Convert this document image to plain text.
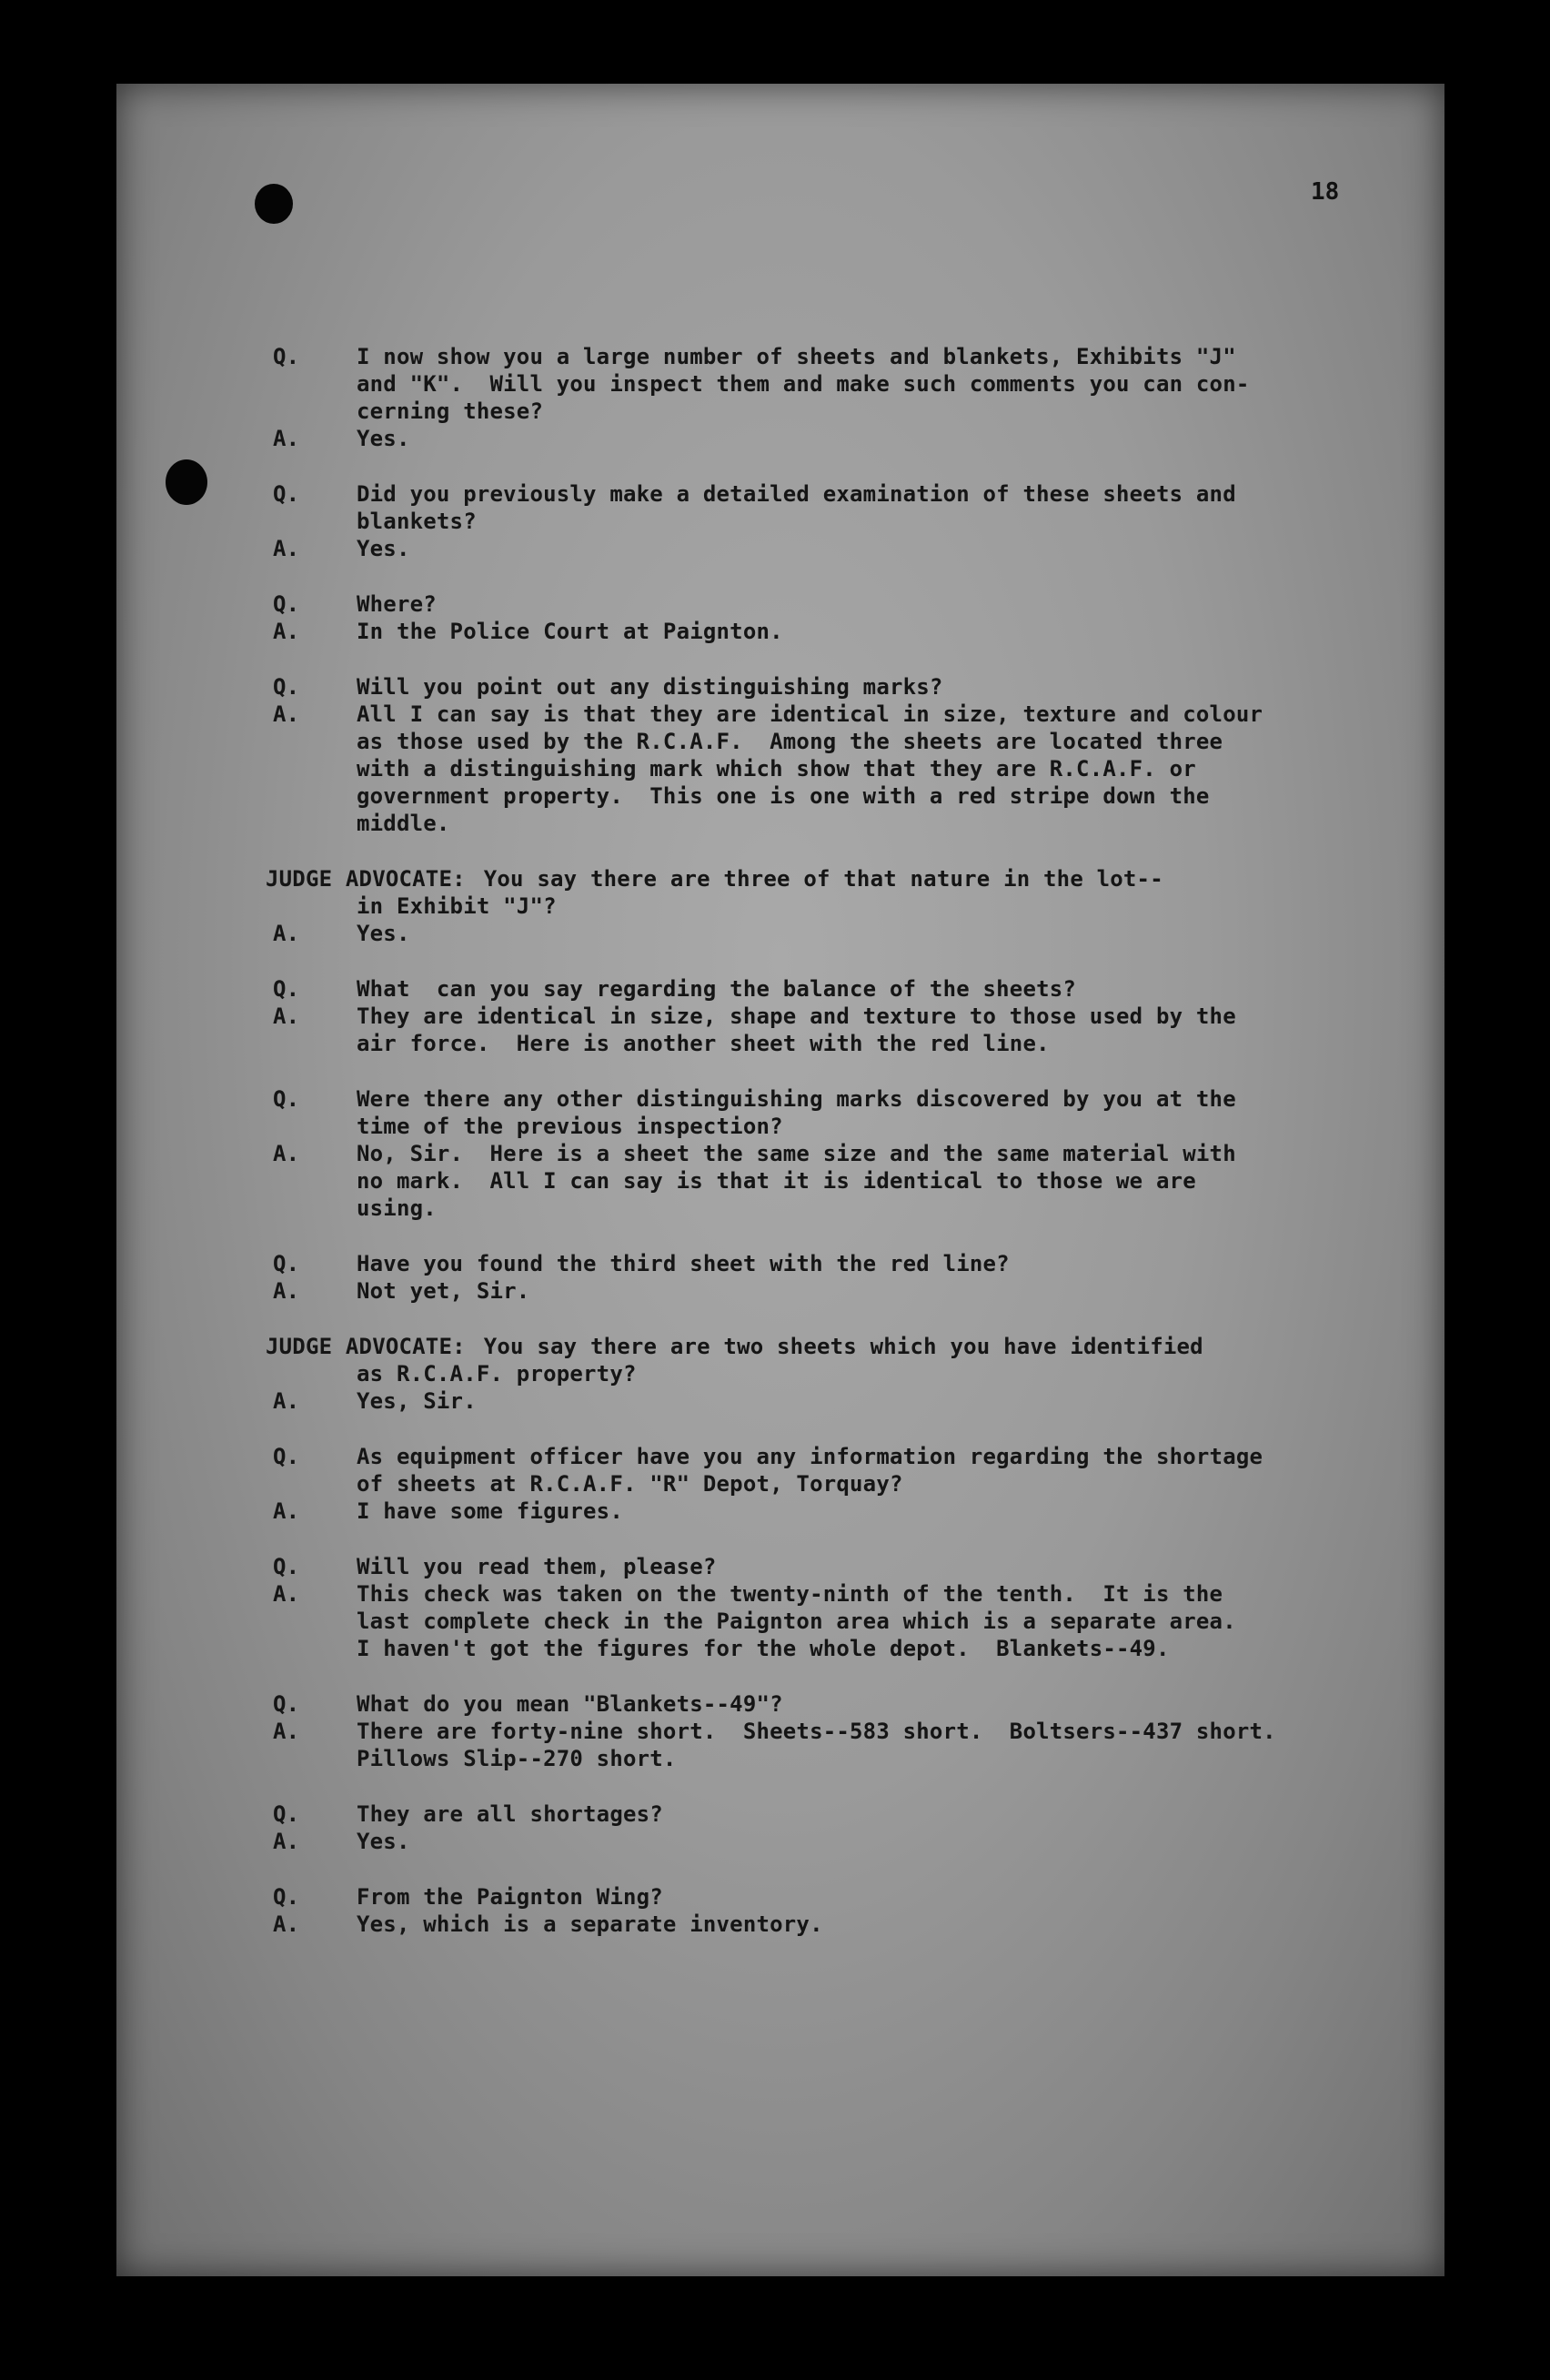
18
Q.	I now show you a large number of sheets and blankets, Exhibits "J"
and "K".  Will you inspect them and make such comments you can con-
cerning these?
A.	Yes.
Q.	Did you previously make a detailed examination of these sheets and
blankets?
A.	Yes.
Q.	Where?
A.	In the Police Court at Paignton.
Q.	Will you point out any distinguishing marks?
A.	All I can say is that they are identical in size, texture and colour
as those used by the R.C.A.F.  Among the sheets are located three
with a distinguishing mark which show that they are R.C.A.F. or
government property.  This one is one with a red stripe down the
middle.
JUDGE ADVOCATE: You say there are three of that nature in the lot--
in Exhibit "J"?
A.	Yes.
Q.	What  can you say regarding the balance of the sheets?
A.	They are identical in size, shape and texture to those used by the
air force.  Here is another sheet with the red line.
Q.	Were there any other distinguishing marks discovered by you at the
time of the previous inspection?
A.	No, Sir.  Here is a sheet the same size and the same material with
no mark.  All I can say is that it is identical to those we are
using.
Q.	Have you found the third sheet with the red line?
A.	Not yet, Sir.
JUDGE ADVOCATE: You say there are two sheets which you have identified
as R.C.A.F. property?
A.	Yes, Sir.
Q.	As equipment officer have you any information regarding the shortage
of sheets at R.C.A.F. "R" Depot, Torquay?
A.	I have some figures.
Q.	Will you read them, please?
A.	This check was taken on the twenty-ninth of the tenth.  It is the
last complete check in the Paignton area which is a separate area.
I haven't got the figures for the whole depot.  Blankets--49.
Q.	What do you mean "Blankets--49"?
A.	There are forty-nine short.  Sheets--583 short.  Boltsers--437 short.
Pillows Slip--270 short.
Q.	They are all shortages?
A.	Yes.
Q.	From the Paignton Wing?
A.	Yes, which is a separate inventory.
